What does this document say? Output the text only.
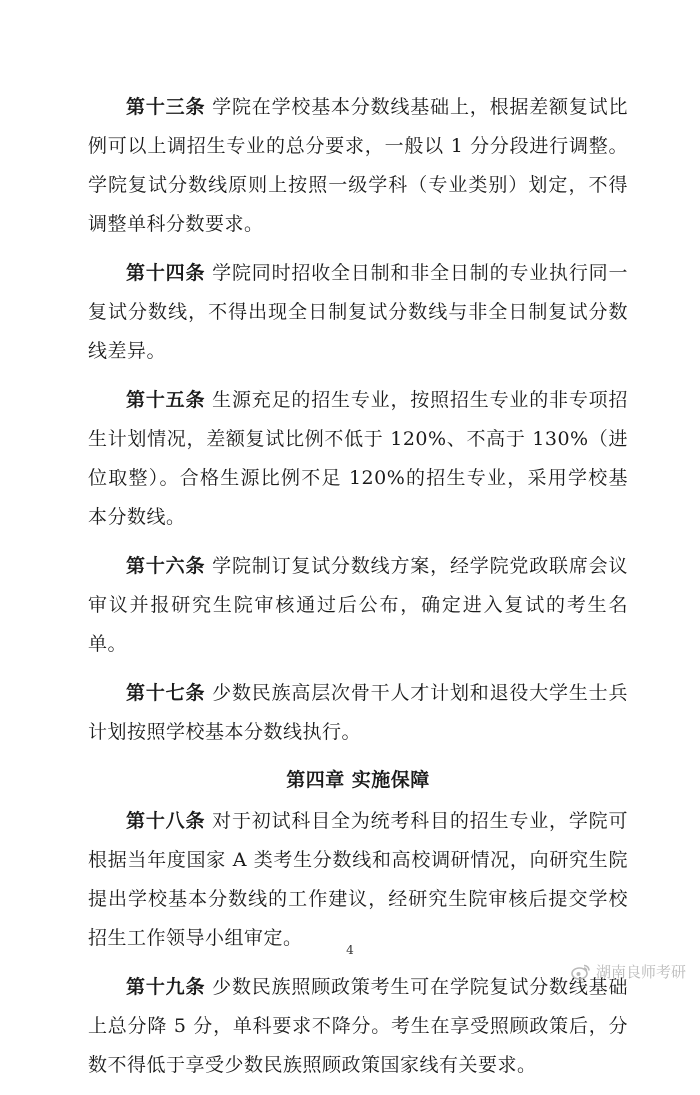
第十三条 学院在学校基本分数线基础上，根据差额复试比例可以上调招生专业的总分要求，一般以 1 分分段进行调整。学院复试分数线原则上按照一级学科（专业类别）划定，不得调整单科分数要求。

第十四条 学院同时招收全日制和非全日制的专业执行同一复试分数线，不得出现全日制复试分数线与非全日制复试分数线差异。

第十五条 生源充足的招生专业，按照招生专业的非专项招生计划情况，差额复试比例不低于 120%、不高于 130%（进位取整）。合格生源比例不足 120%的招生专业，采用学校基本分数线。

第十六条 学院制订复试分数线方案，经学院党政联席会议审议并报研究生院审核通过后公布，确定进入复试的考生名单。

第十七条 少数民族高层次骨干人才计划和退役大学生士兵计划按照学校基本分数线执行。

第四章 实施保障

第十八条 对于初试科目全为统考科目的招生专业，学院可根据当年度国家 A 类考生分数线和高校调研情况，向研究生院提出学校基本分数线的工作建议，经研究生院审核后提交学校招生工作领导小组审定。

第十九条 少数民族照顾政策考生可在学院复试分数线基础上总分降 5 分，单科要求不降分。考生在享受照顾政策后，分数不得低于享受少数民族照顾政策国家线有关要求。

4
湖南良师考研
